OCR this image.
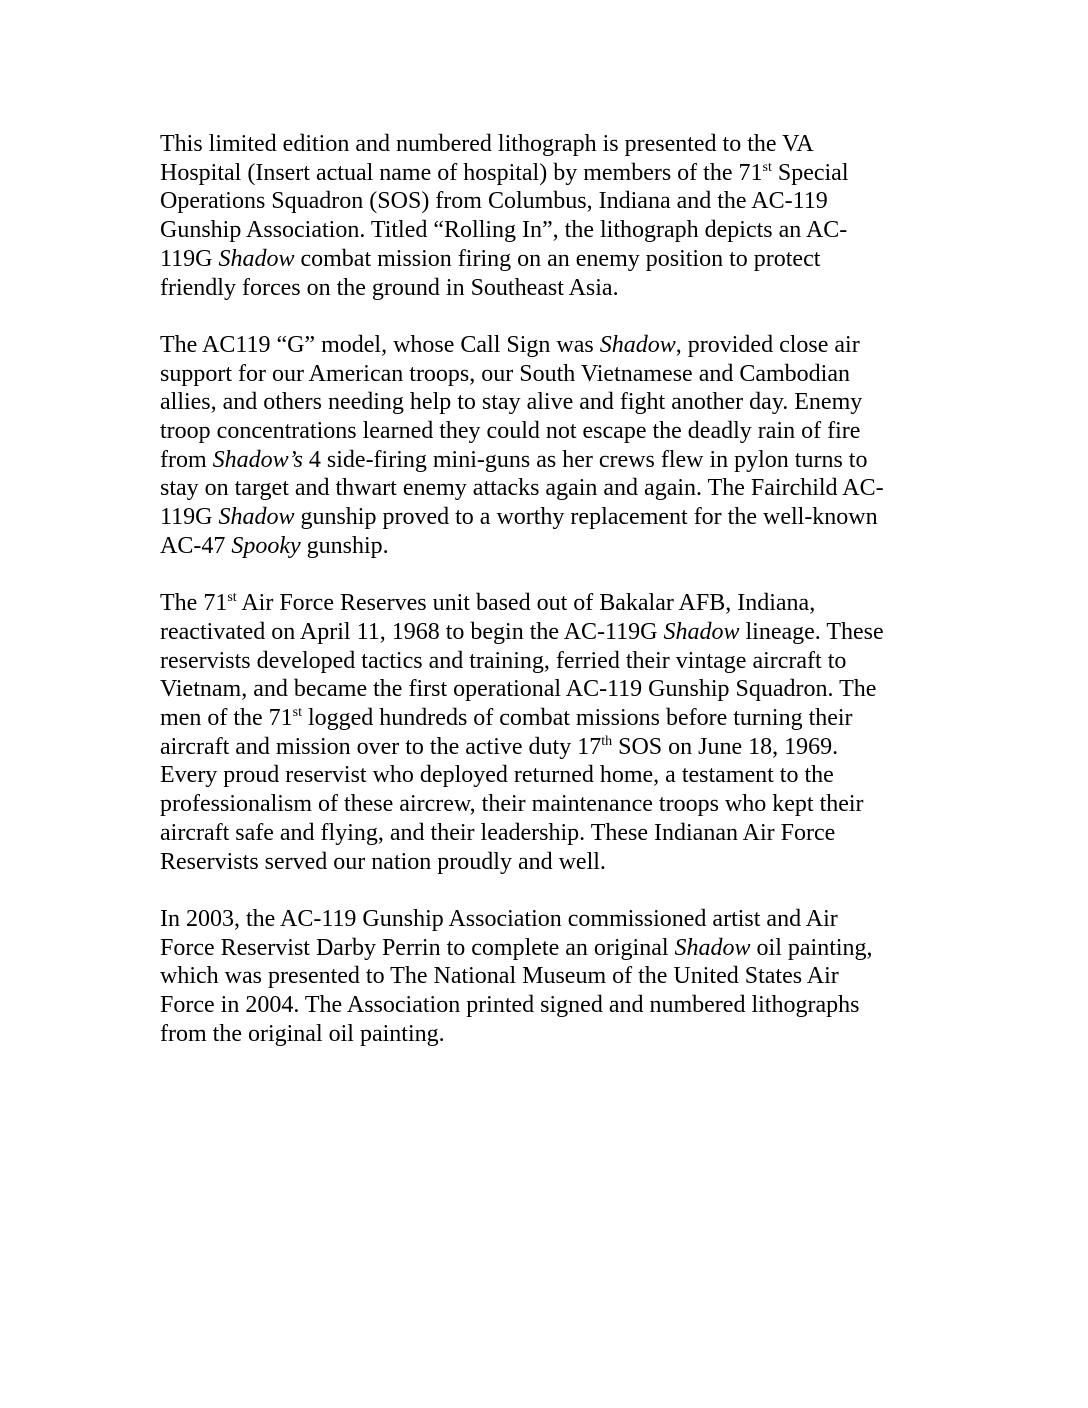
This limited edition and numbered lithograph is presented to the VA
Hospital (Insert actual name of hospital) by members of the 71st Special
Operations Squadron (SOS) from Columbus, Indiana and the AC-119
Gunship Association. Titled “Rolling In”, the lithograph depicts an AC-
119G Shadow combat mission firing on an enemy position to protect
friendly forces on the ground in Southeast Asia.
The AC119 “G” model, whose Call Sign was Shadow, provided close air
support for our American troops, our South Vietnamese and Cambodian
allies, and others needing help to stay alive and fight another day. Enemy
troop concentrations learned they could not escape the deadly rain of fire
from Shadow’s 4 side-firing mini-guns as her crews flew in pylon turns to
stay on target and thwart enemy attacks again and again. The Fairchild AC-
119G Shadow gunship proved to a worthy replacement for the well-known
AC-47 Spooky gunship.
The 71st Air Force Reserves unit based out of Bakalar AFB, Indiana,
reactivated on April 11, 1968 to begin the AC-119G Shadow lineage. These
reservists developed tactics and training, ferried their vintage aircraft to
Vietnam, and became the first operational AC-119 Gunship Squadron. The
men of the 71st logged hundreds of combat missions before turning their
aircraft and mission over to the active duty 17th SOS on June 18, 1969.
Every proud reservist who deployed returned home, a testament to the
professionalism of these aircrew, their maintenance troops who kept their
aircraft safe and flying, and their leadership. These Indianan Air Force
Reservists served our nation proudly and well.
In 2003, the AC-119 Gunship Association commissioned artist and Air
Force Reservist Darby Perrin to complete an original Shadow oil painting,
which was presented to The National Museum of the United States Air
Force in 2004. The Association printed signed and numbered lithographs
from the original oil painting.
